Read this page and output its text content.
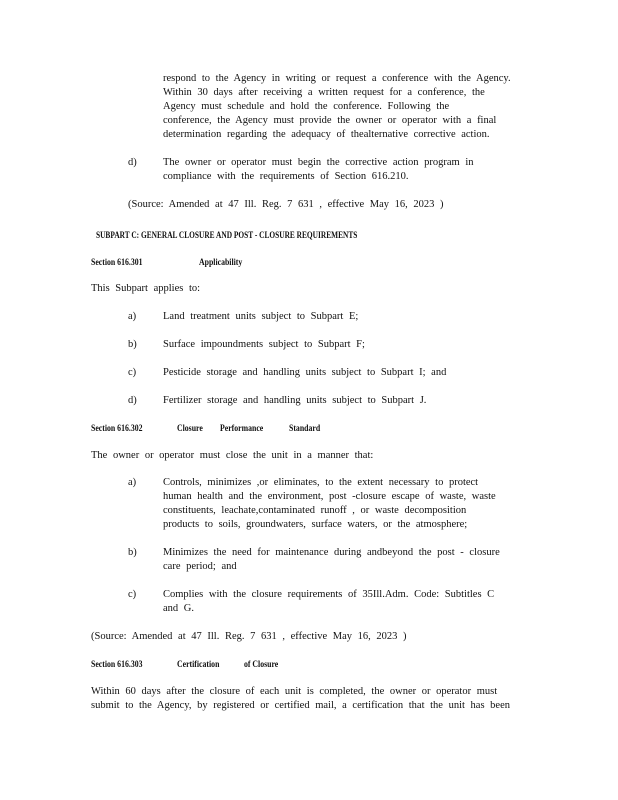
respond to the Agency in writing or request a conference with the Agency.
Within 30 days after receiving a written request for a conference, the
Agency must schedule and hold the conference. Following the
conference, the Agency must provide the owner or operator with a final
determination regarding the adequacy of thealternative corrective action.
d)	The owner or operator must begin the corrective action program in
compliance with the requirements of Section 616.210.
(Source: Amended at 47 Ill. Reg. 7 631 , effective May 16, 2023 )
SUBPART C: GENERAL CLOSURE AND POST - CLOSURE REQUIREMENTS
Section 616.301	Applicability
This Subpart applies to:
a)	Land treatment units subject to Subpart E;
b)	Surface impoundments subject to Subpart F;
c)	Pesticide storage and handling units subject to Subpart I; and
d)	Fertilizer storage and handling units subject to Subpart J.
Section 616.302	Closure Performance	Standard
The owner or operator must close the unit in a manner that:
a)	Controls, minimizes ,or eliminates, to the extent necessary to protect
human health and the environment, post -closure escape of waste, waste
constituents, leachate,contaminated runoff , or waste decomposition
products to soils, groundwaters, surface waters, or the atmosphere;
b)	Minimizes the need for maintenance during andbeyond the post - closure
care period; and
c)	Complies with the closure requirements of 35Ill.Adm. Code: Subtitles C
and G.
(Source: Amended at 47 Ill. Reg. 7 631 , effective May 16, 2023 )
Section 616.303	Certification	of Closure
Within 60 days after the closure of each unit is completed, the owner or operator must
submit to the Agency, by registered or certified mail, a certification that the unit has been
